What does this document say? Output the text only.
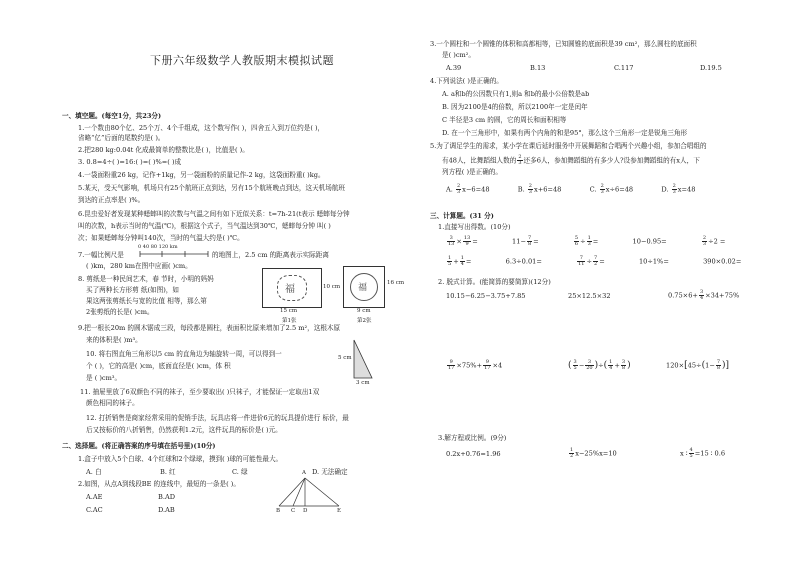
下册六年级数学人教版期末模拟试题
一、填空题。(每空1分，共23分)
1.一个数由80个亿、25个万、4个千组成，这个数写作( )，四舍五入到万位约是( )，
省略“亿”后面的尾数约是( )。
2.把280 kg:0.04t 化成最简单的整数比是( )，比值是( )。
3. 0.8=4÷( )=16:( )=( )%=( )成
4.一袋面粉重26 kg，记作+1kg，另一袋面粉的质量记作-2 kg，这袋面粉重( )kg。
5.某天，受天气影响，机场只有25个航班正点到达，另有15个航班晚点到达，这天机场航班
到达的正点率是( )%。
6.昆虫爱好者发现某种蟋蟀叫的次数与气温之间有如下近似关系：t=7h-21(t表示 蟋蟀每分钟
叫的次数，h表示当时的气温(℃)，根据这个式子，当气温达到30℃，蟋蟀每分钟 叫( )
次；如果蟋蟀每分钟叫140次，当时的气温大约是( )℃。
7.一幅比例尺是
0 40 80 120 km
的地图上，2.5 cm 的距离表示实际距离
( )km，280 km在图中应画( )cm。
8. 剪纸是一种民间艺术，春 节时，小明的妈妈
买了两种长方形剪 纸(如图)，如
果这两张剪纸长与宽的比值 相等，那么第
2张剪纸的长是( )cm。
福	10 cm
15 cm
第1张
福	16 cm
9 cm
第2张
9.把一根长20m 的圆木锯成三段，每段都是圆柱，表面积比原来增加了2.5 m²，这根木原
来的体积是( )m³。
10. 将右图直角三角形以5 cm 的直角边为轴旋转一周，可以得到一
个 ( )，它的高是( )cm，底面直径是( )cm，体 积
是 ( )cm³。
5 cm
3 cm
11. 抽屉里放了6双颜色不同的袜子，至少要取出( )只袜子，才能保证一定取出1双
颜色相同的袜子。
12. 打折销售是商家经常采用的促销手法，玩具店将一件进价6元的玩具提价进行 标价，最
后又按标价的八折销售，仍然获利1.2元，这件玩具的标价是( )元。
二、选择题。(将正确答案的序号填在括号里)(10分)
1.盒子中放入5个白球、4个红球和2个绿球，摸到( )球的可能性最大。
A. 白	B. 红	C. 绿	D. 无法确定
2.如图，从点A到线段BE 的连线中，最短的一条是( )。
A.AE	B.AD
C.AC	D.AB
A
B C D	E
3.一个圆柱和一个圆锥的体积和高都相等，已知圆锥的底面积是39 cm²，那么圆柱的底面积
是( )cm²。
A.39	B.13	C.117	D.19.5
4.下列说法( )是正确的。
A. a和b的公因数只有1,则a 和b的最小公倍数是ab
B. 因为2100是4的倍数，所以2100年一定是闰年
C 半径是3 cm 的圆，它的周长和面积相等
D. 在一个三角形中，如果有两个内角的和是95°，那么这个三角形一定是锐角三角形
5.为了调足学生的需求，某小学在课后延时服务中开展舞蹈和合唱两个兴趣小组，参加合唱组的
有48人，比舞蹈组人数的 $\frac{2}{3}$ 还多6人，参加舞蹈组的有多少人?设参加舞蹈组的有x人，下
列方程( )是正确的。
A. $\frac{2}{3} x-6=48$	B. $\frac{2}{3} x+6=48$	C. $\frac{2}{3} x\div 6=48$	D. $\frac{2}{3} x=48$
三、计算题。(31 分)
1.直接写出得数。(10分)
$\frac{3}{13} \times \frac{13}{9}$ =	$11- \frac{7}{8}$ =	$\frac{5}{6} \div \frac{1}{3}$ =	10−0.95=	$\frac{2}{3} \div 2$ =
$\frac{1}{5} + \frac{1}{4}$ =	6.3÷0.01=	$\frac{7}{11} \div \frac{7}{2}$ =	10÷1%=	390×0.02=
2. 脱式计算。(能简算的要简算)(12分)
10.15−6.25−3.75+7.85	25×12.5×32	$0.75\times 6+ \frac{3}{4} \times 34+75\%$
$\frac{9}{17} \times 75\%+ \frac{9}{17} \times 4$	( $\frac{3}{5} - \frac{3}{20}$ )÷( $\frac{1}{4} + \frac{3}{8}$ )	$120\times[45\div(1- \frac{7}{8}$ )]
3.解方程或比例。(9分)
0.2x+0.76=1.96	$\frac{1}{2} x-25\%x=10$	x ∶ $\frac{4}{5} =15$ ∶ 0.6
